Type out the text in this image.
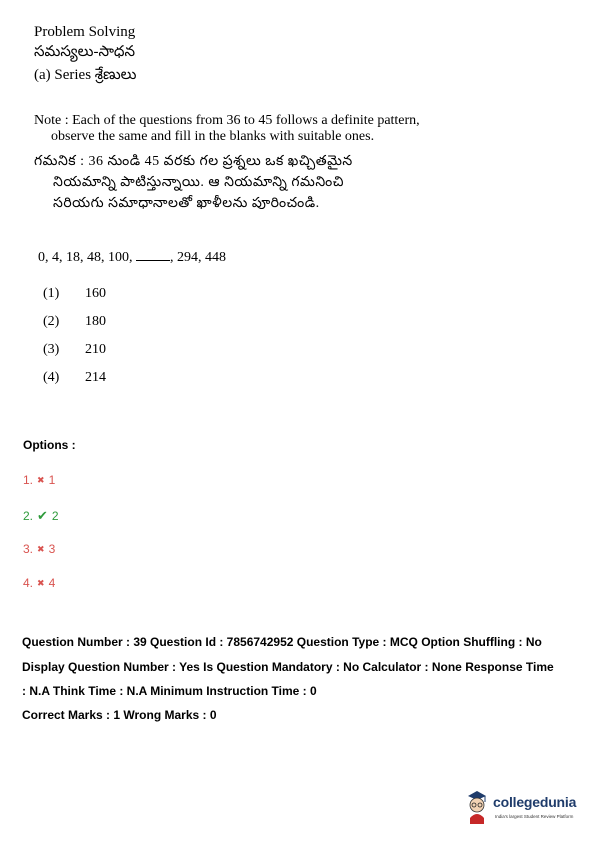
Problem Solving

సమస్యలు-సాధన

(a) Series శ్రేణులు

Note : Each of the questions from 36 to 45 follows a definite pattern,
observe the same and fill in the blanks with suitable ones.
గమనిక : 36 నుండి 45 వరకు గల ప్రశ్నలు ఒక ఖచ్చితమైన
నియమాన్ని పాటిస్తున్నాయి. ఆ నియమాన్ని గమనించి
సరియగు సమాధానాలతో ఖాళీలను పూరించండి.
0, 4, 18, 48, 100, , 294, 448
(1)	160
(2)	180
(3)	210
(4)	214
Options :
1. ✖ 1
2. ✔ 2
3. ✖ 3
4. ✖ 4
Question Number : 39 Question Id : 7856742952 Question Type : MCQ Option Shuffling : No
Display Question Number : Yes Is Question Mandatory : No Calculator : None Response Time
: N.A Think Time : N.A Minimum Instruction Time : 0
Correct Marks : 1 Wrong Marks : 0
collegedunia
India's largest Student Review Platform
